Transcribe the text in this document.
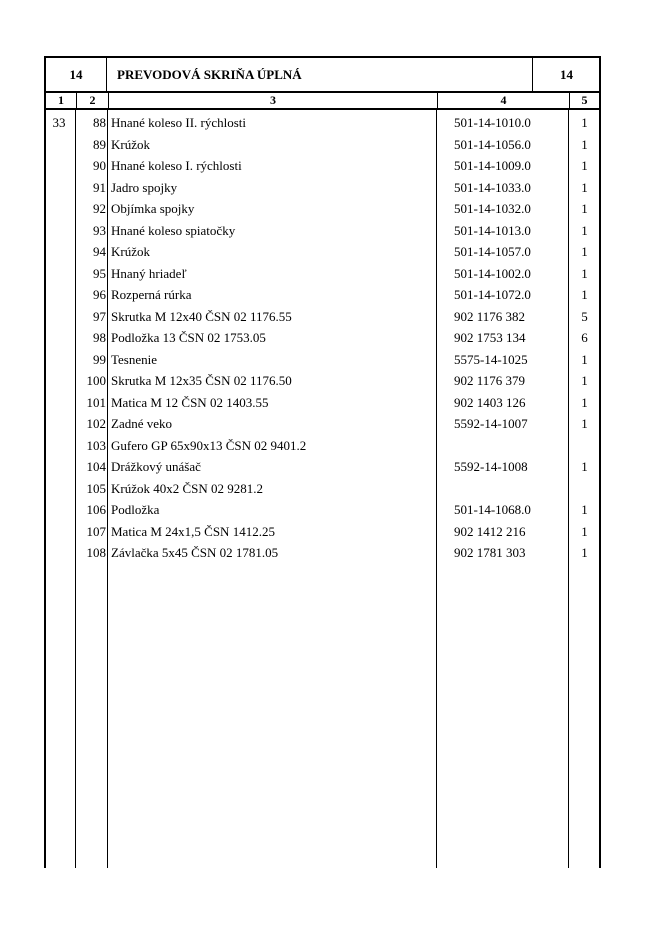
14	PREVODOVÁ SKRIŇA ÚPLNÁ	14
1	2	3	4	5
33	88 Hnané koleso II. rýchlosti	501-14-1010.0	1
89 Krúžok	501-14-1056.0	1
90 Hnané koleso I. rýchlosti	501-14-1009.0	1
91 Jadro spojky	501-14-1033.0	1
92 Objímka spojky	501-14-1032.0	1
93 Hnané koleso spiatočky	501-14-1013.0	1
94 Krúžok	501-14-1057.0	1
95 Hnaný hriadeľ	501-14-1002.0	1
96 Rozperná rúrka	501-14-1072.0	1
97 Skrutka M 12x40 ČSN 02 1176.55	902 1176 382	5
98 Podložka 13 ČSN 02 1753.05	902 1753 134	6
99 Tesnenie	5575-14-1025	1
100 Skrutka M 12x35 ČSN 02 1176.50	902 1176 379	1
101 Matica M 12 ČSN 02 1403.55	902 1403 126	1
102 Zadné veko	5592-14-1007	1
103 Gufero GP 65x90x13 ČSN 02 9401.2
104 Drážkový unášač	5592-14-1008	1
105 Krúžok 40x2 ČSN 02 9281.2
106 Podložka	501-14-1068.0	1
107 Matica M 24x1,5 ČSN 1412.25	902 1412 216	1
108 Závlačka 5x45 ČSN 02 1781.05	902 1781 303	1
